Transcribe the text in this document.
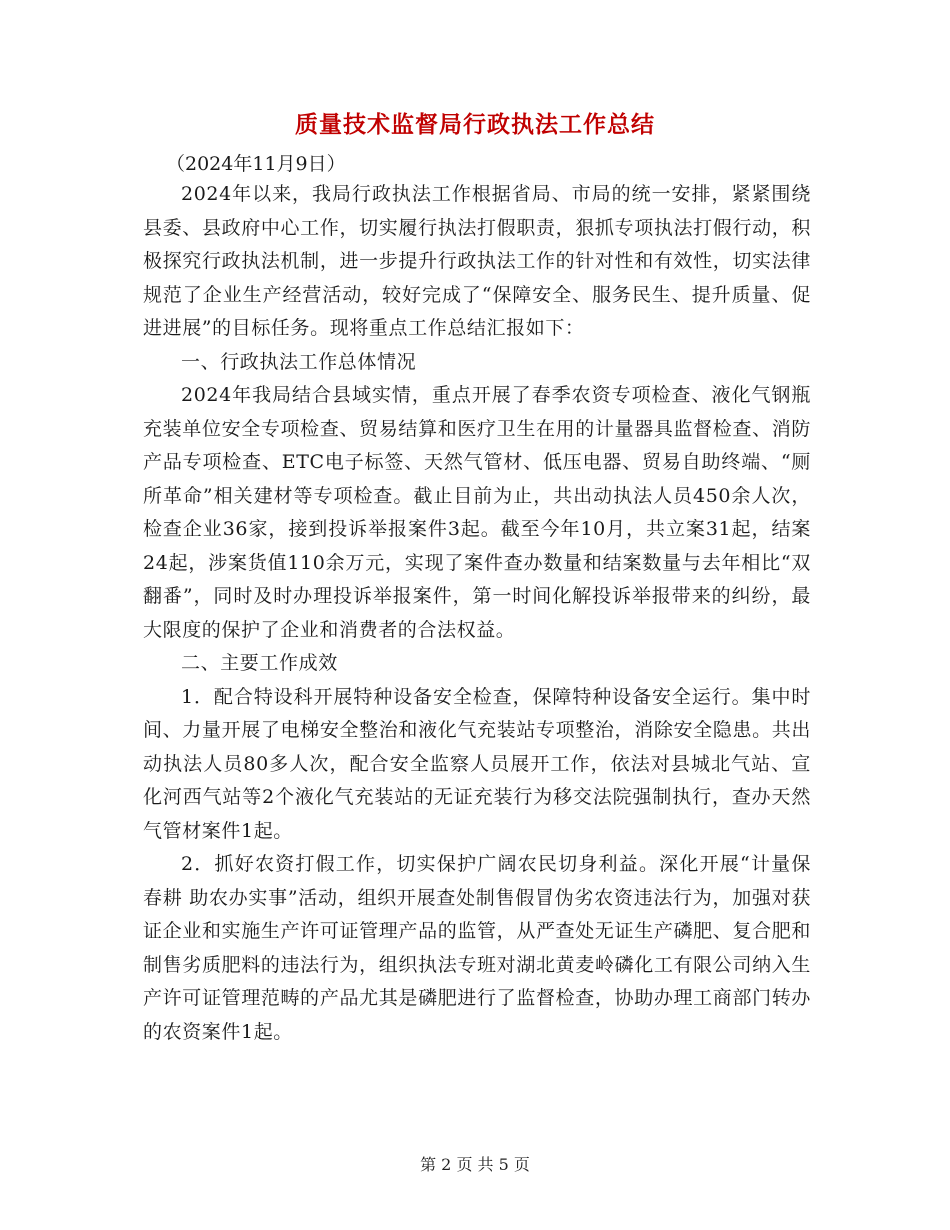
质量技术监督局行政执法工作总结
（2024年11月9日）

2024年以来，我局行政执法工作根据省局、市局的统一安排，紧紧围绕县委、县政府中心工作，切实履行执法打假职责，狠抓专项执法打假行动，积极探究行政执法机制，进一步提升行政执法工作的针对性和有效性，切实法律规范了企业生产经营活动，较好完成了“保障安全、服务民生、提升质量、促进进展”的目标任务。现将重点工作总结汇报如下：

一、行政执法工作总体情况

2024年我局结合县域实情，重点开展了春季农资专项检查、液化气钢瓶充装单位安全专项检查、贸易结算和医疗卫生在用的计量器具监督检查、消防产品专项检查、ETC电子标签、天然气管材、低压电器、贸易自助终端、“厕所革命”相关建材等专项检查。截止目前为止，共出动执法人员450余人次，检查企业36家，接到投诉举报案件3起。截至今年10月，共立案31起，结案24起，涉案货值110余万元，实现了案件查办数量和结案数量与去年相比“双翻番”，同时及时办理投诉举报案件，第一时间化解投诉举报带来的纠纷，最大限度的保护了企业和消费者的合法权益。

二、主要工作成效

1．配合特设科开展特种设备安全检查，保障特种设备安全运行。集中时间、力量开展了电梯安全整治和液化气充装站专项整治，消除安全隐患。共出动执法人员80多人次，配合安全监察人员展开工作，依法对县城北气站、宣化河西气站等2个液化气充装站的无证充装行为移交法院强制执行，查办天然气管材案件1起。

2．抓好农资打假工作，切实保护广阔农民切身利益。深化开展“计量保春耕 助农办实事”活动，组织开展查处制售假冒伪劣农资违法行为，加强对获证企业和实施生产许可证管理产品的监管，从严查处无证生产磷肥、复合肥和制售劣质肥料的违法行为，组织执法专班对湖北黄麦岭磷化工有限公司纳入生产许可证管理范畴的产品尤其是磷肥进行了监督检查，协助办理工商部门转办的农资案件1起。

第 2 页 共 5 页
